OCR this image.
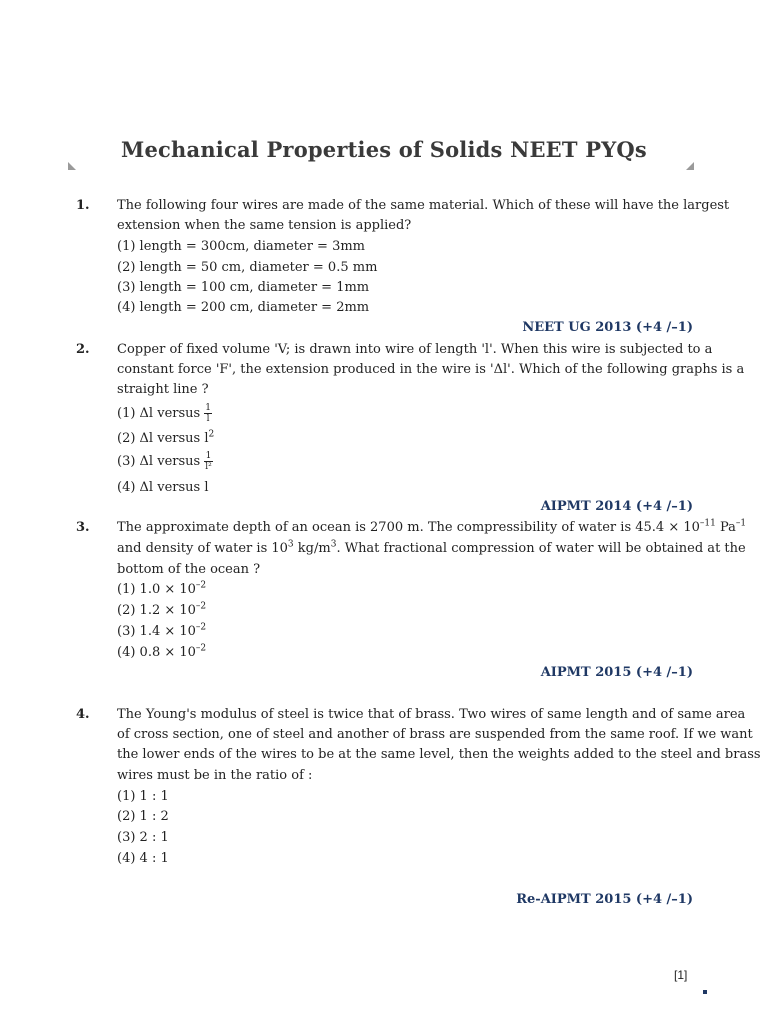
Mechanical Properties of Solids NEET PYQs
1. The following four wires are made of the same material. Which of these will have the largest
extension when the same tension is applied?
(1) length = 300cm, diameter = 3mm
(2) length = 50 cm, diameter = 0.5 mm
(3) length = 100 cm, diameter = 1mm
(4) length = 200 cm, diameter = 2mm
NEET UG 2013 (+4 /–1)
2. Copper of fixed volume 'V; is drawn into wire of length 'l'. When this wire is subjected to a
constant force 'F', the extension produced in the wire is 'Δl'. Which of the following graphs is a
straight line ?
(1) Δl versus $\frac{1}{l}$
(2) Δl versus $l^2$
(3) Δl versus $\frac{1}{\text{l²}}$
(4) Δl versus l
AIPMT 2014 (+4 /–1)
3. The approximate depth of an ocean is 2700 m. The compressibility of water is $45.4 \times 10^{-11}$ $Pa^{-1}$
and density of water is $10^3$ $kg/m^3$. What fractional compression of water will be obtained at the
bottom of the ocean ?
(1) $1.0 \times 10^{-2}$
(2) $1.2 \times 10^{-2}$
(3) $1.4 \times 10^{-2}$
(4) $0.8 \times 10^{-2}$
AIPMT 2015 (+4 /–1)
4. The Young's modulus of steel is twice that of brass. Two wires of same length and of same area
of cross section, one of steel and another of brass are suspended from the same roof. If we want
the lower ends of the wires to be at the same level, then the weights added to the steel and brass
wires must be in the ratio of :
(1) 1 : 1
(2) 1 : 2
(3) 2 : 1
(4) 4 : 1
Re-AIPMT 2015 (+4 /–1)
[1]
